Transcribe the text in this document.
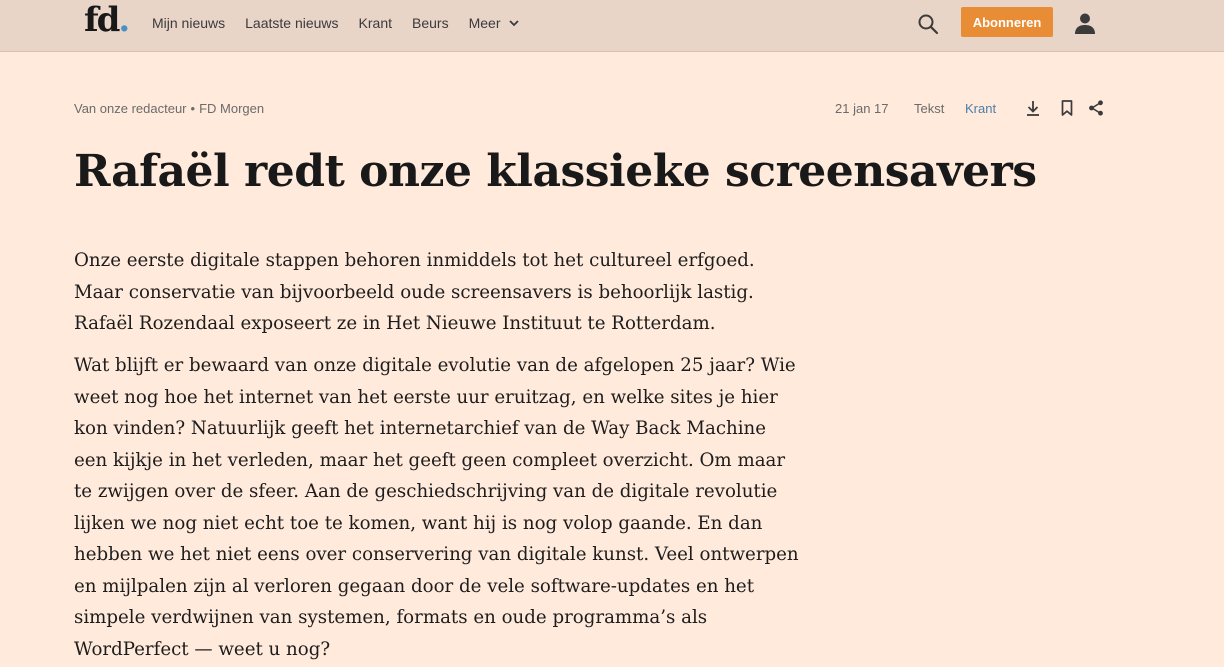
fd. Mijn nieuws Laatste nieuws Krant Beurs Meer	Abonneren
Van onze redacteur • FD Morgen	21 jan 17 Tekst Krant
Rafaël redt onze klassieke screensavers

Onze eerste digitale stappen behoren inmiddels tot het cultureel erfgoed.
Maar conservatie van bijvoorbeeld oude screensavers is behoorlijk lastig.
Rafaël Rozendaal exposeert ze in Het Nieuwe Instituut te Rotterdam.

Wat blijft er bewaard van onze digitale evolutie van de afgelopen 25 jaar? Wie
weet nog hoe het internet van het eerste uur eruitzag, en welke sites je hier
kon vinden? Natuurlijk geeft het internetarchief van de Way Back Machine
een kijkje in het verleden, maar het geeft geen compleet overzicht. Om maar
te zwijgen over de sfeer. Aan de geschiedschrijving van de digitale revolutie
lijken we nog niet echt toe te komen, want hij is nog volop gaande. En dan
hebben we het niet eens over conservering van digitale kunst. Veel ontwerpen
en mijlpalen zijn al verloren gegaan door de vele software-updates en het
simpele verdwijnen van systemen, formats en oude programma’s als
WordPerfect — weet u nog?
